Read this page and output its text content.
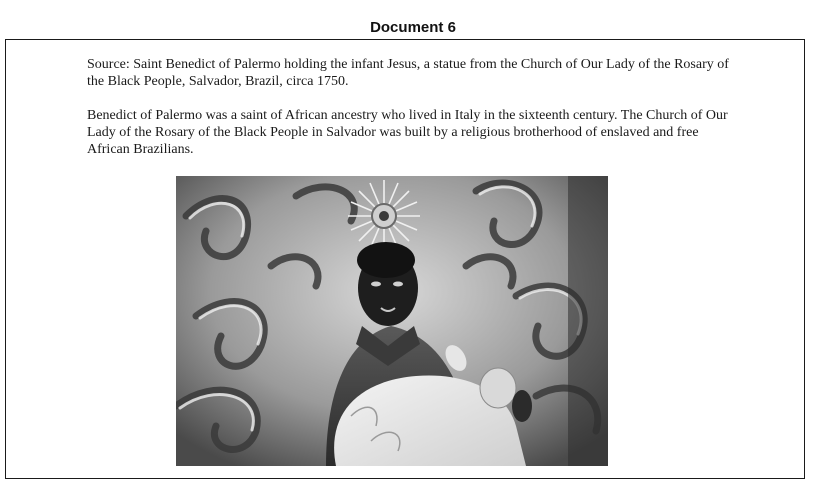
Document 6

Source: Saint Benedict of Palermo holding the infant Jesus, a statue from the Church of Our Lady of the Rosary of the Black People, Salvador, Brazil, circa 1750.

Benedict of Palermo was a saint of African ancestry who lived in Italy in the sixteenth century. The Church of Our Lady of the Rosary of the Black People in Salvador was built by a religious brotherhood of enslaved and free African Brazilians.
